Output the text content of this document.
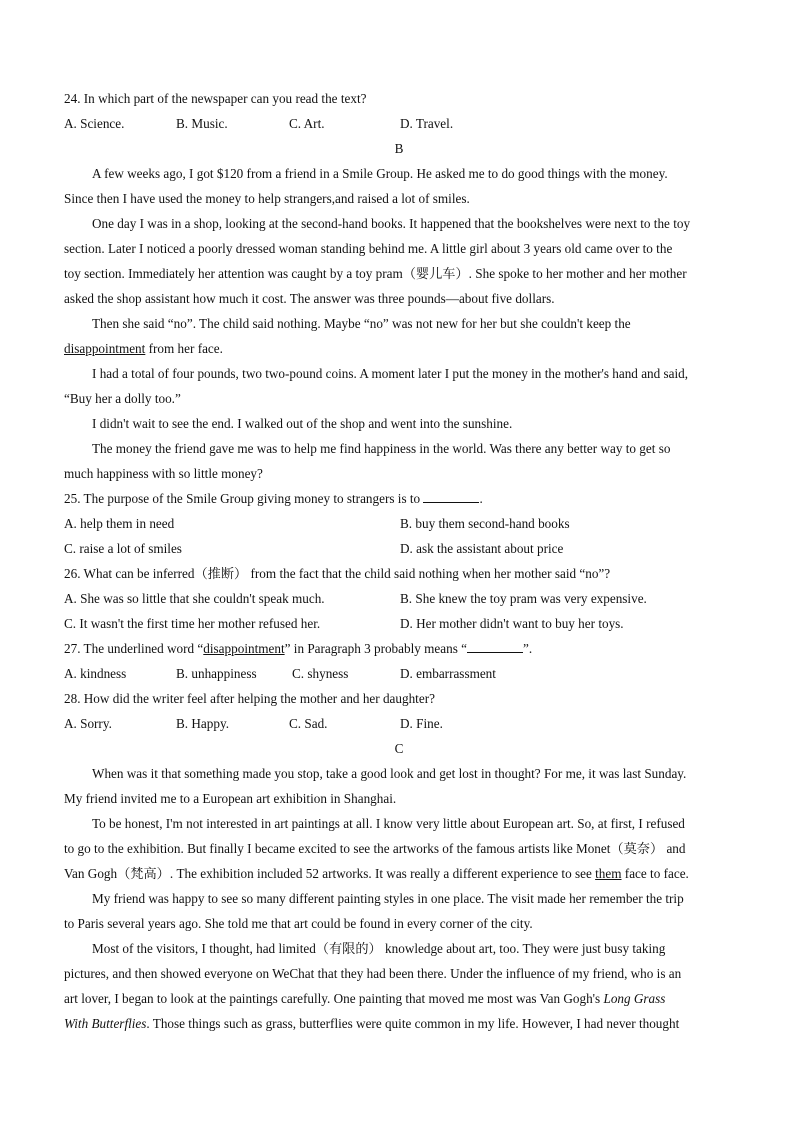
24. In which part of the newspaper can you read the text?
A. Science.	B. Music.	C. Art.	D. Travel.
B
A few weeks ago, I got $120 from a friend in a Smile Group. He asked me to do good things with the money.
Since then I have used the money to help strangers,and raised a lot of smiles.
One day I was in a shop, looking at the second-hand books. It happened that the bookshelves were next to the toy
section. Later I noticed a poorly dressed woman standing behind me. A little girl about 3 years old came over to the
toy section. Immediately her attention was caught by a toy pram（婴儿车）. She spoke to her mother and her mother
asked the shop assistant how much it cost. The answer was three pounds—about five dollars.
Then she said “no”. The child said nothing. Maybe “no” was not new for her but she couldn't keep the
disappointment from her face.
I had a total of four pounds, two two-pound coins. A moment later I put the money in the mother's hand and said,
“Buy her a dolly too.”
I didn't wait to see the end. I walked out of the shop and went into the sunshine.
The money the friend gave me was to help me find happiness in the world. Was there any better way to get so
much happiness with so little money?
25. The purpose of the Smile Group giving money to strangers is to	.
A. help them in need	B. buy them second-hand books
C. raise a lot of smiles	D. ask the assistant about price
26. What can be inferred（推断） from the fact that the child said nothing when her mother said “no”?
A. She was so little that she couldn't speak much.	B. She knew the toy pram was very expensive.
C. It wasn't the first time her mother refused her.	D. Her mother didn't want to buy her toys.
27. The underlined word “disappointment” in Paragraph 3 probably means “	”.
A. kindness	B. unhappiness	C. shyness	D. embarrassment
28. How did the writer feel after helping the mother and her daughter?
A. Sorry.	B. Happy.	C. Sad.	D. Fine.
C
When was it that something made you stop, take a good look and get lost in thought? For me, it was last Sunday.
My friend invited me to a European art exhibition in Shanghai.
To be honest, I'm not interested in art paintings at all. I know very little about European art. So, at first, I refused
to go to the exhibition. But finally I became excited to see the artworks of the famous artists like Monet（莫奈） and
Van Gogh（梵高）. The exhibition included 52 artworks. It was really a different experience to see them face to face.
My friend was happy to see so many different painting styles in one place. The visit made her remember the trip
to Paris several years ago. She told me that art could be found in every corner of the city.
Most of the visitors, I thought, had limited（有限的） knowledge about art, too. They were just busy taking
pictures, and then showed everyone on WeChat that they had been there. Under the influence of my friend, who is an
art lover, I began to look at the paintings carefully. One painting that moved me most was Van Gogh's Long Grass
With Butterflies. Those things such as grass, butterflies were quite common in my life. However, I had never thought
